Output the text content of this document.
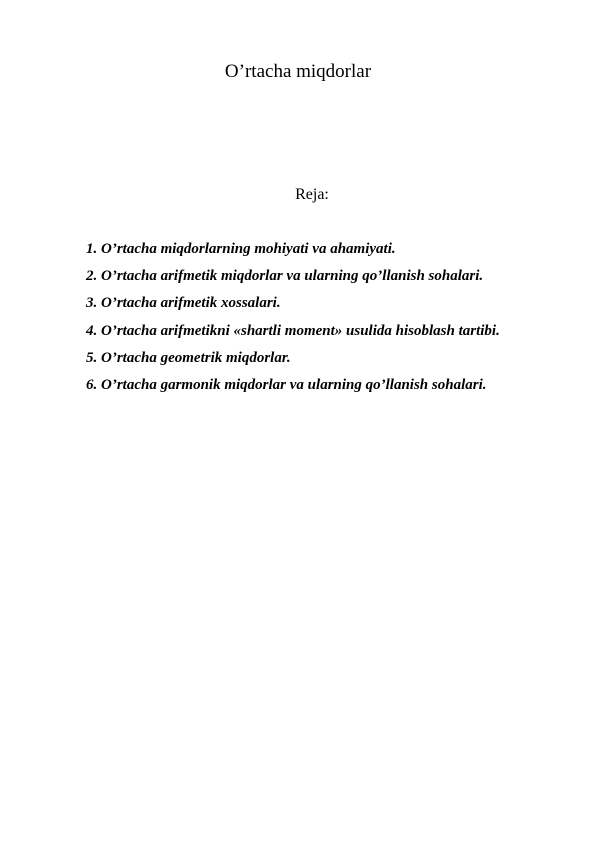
O’rtacha miqdorlar
Reja:
1. O’rtacha miqdorlarning mohiyati va ahamiyati.
2. O’rtacha arifmetik miqdorlar va ularning qo’llanish sohalari.
3. O’rtacha arifmetik xossalari.
4. O’rtacha arifmetikni «shartli moment» usulida hisoblash tartibi.
5. O’rtacha geometrik miqdorlar.
6. O’rtacha garmonik miqdorlar va ularning qo’llanish sohalari.
